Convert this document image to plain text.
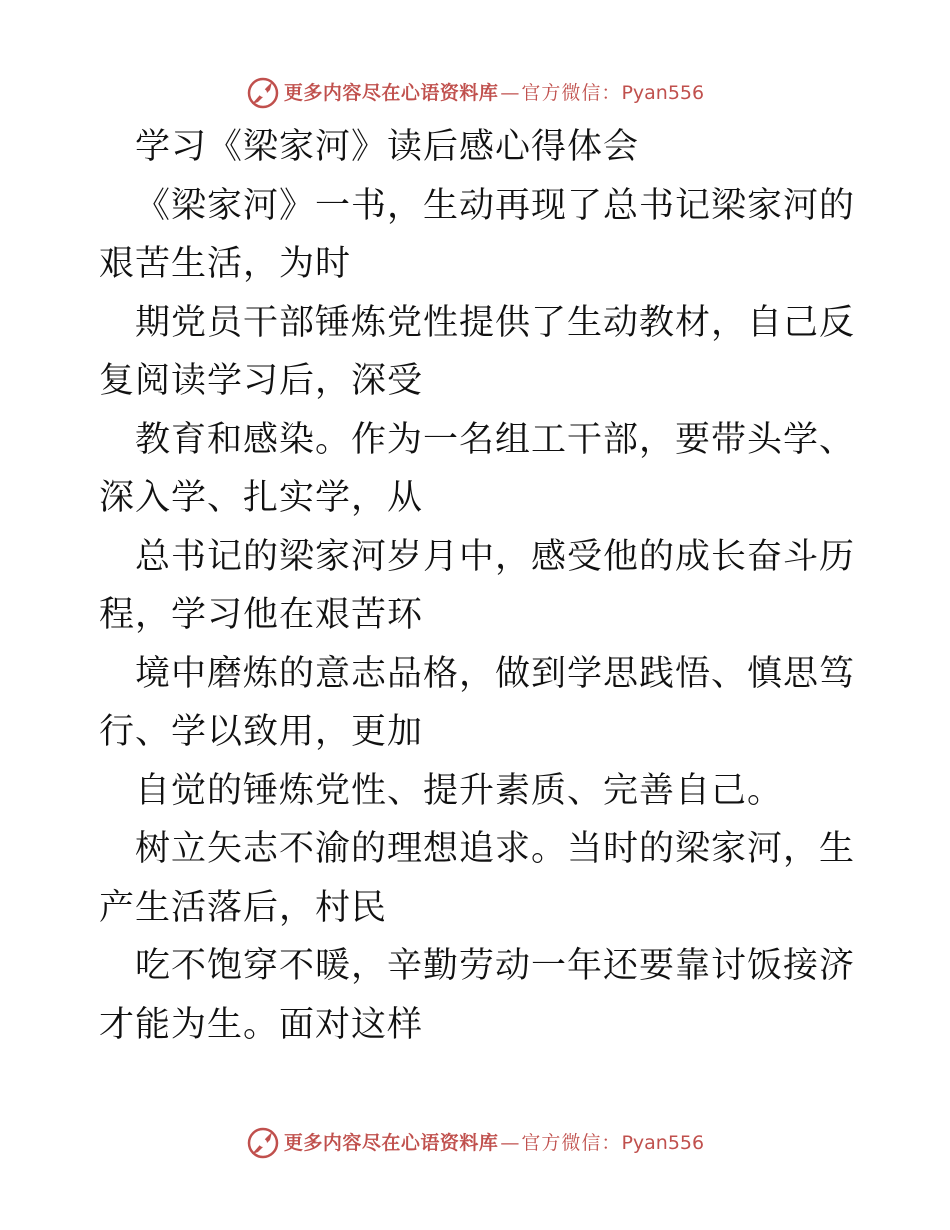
更多内容尽在心语资料库 — 官方微信： Pyan556

学习《梁家河》读后感心得体会

《梁家河》一书，生动再现了总书记梁家河的艰苦生活，为时

期党员干部锤炼党性提供了生动教材，自己反复阅读学习后，深受

教育和感染。作为一名组工干部，要带头学、深入学、扎实学，从

总书记的梁家河岁月中，感受他的成长奋斗历程，学习他在艰苦环

境中磨炼的意志品格，做到学思践悟、慎思笃行、学以致用，更加

自觉的锤炼党性、提升素质、完善自己。

树立矢志不渝的理想追求。当时的梁家河，生产生活落后，村民

吃不饱穿不暖，辛勤劳动一年还要靠讨饭接济才能为生。面对这样

更多内容尽在心语资料库 — 官方微信： Pyan556
